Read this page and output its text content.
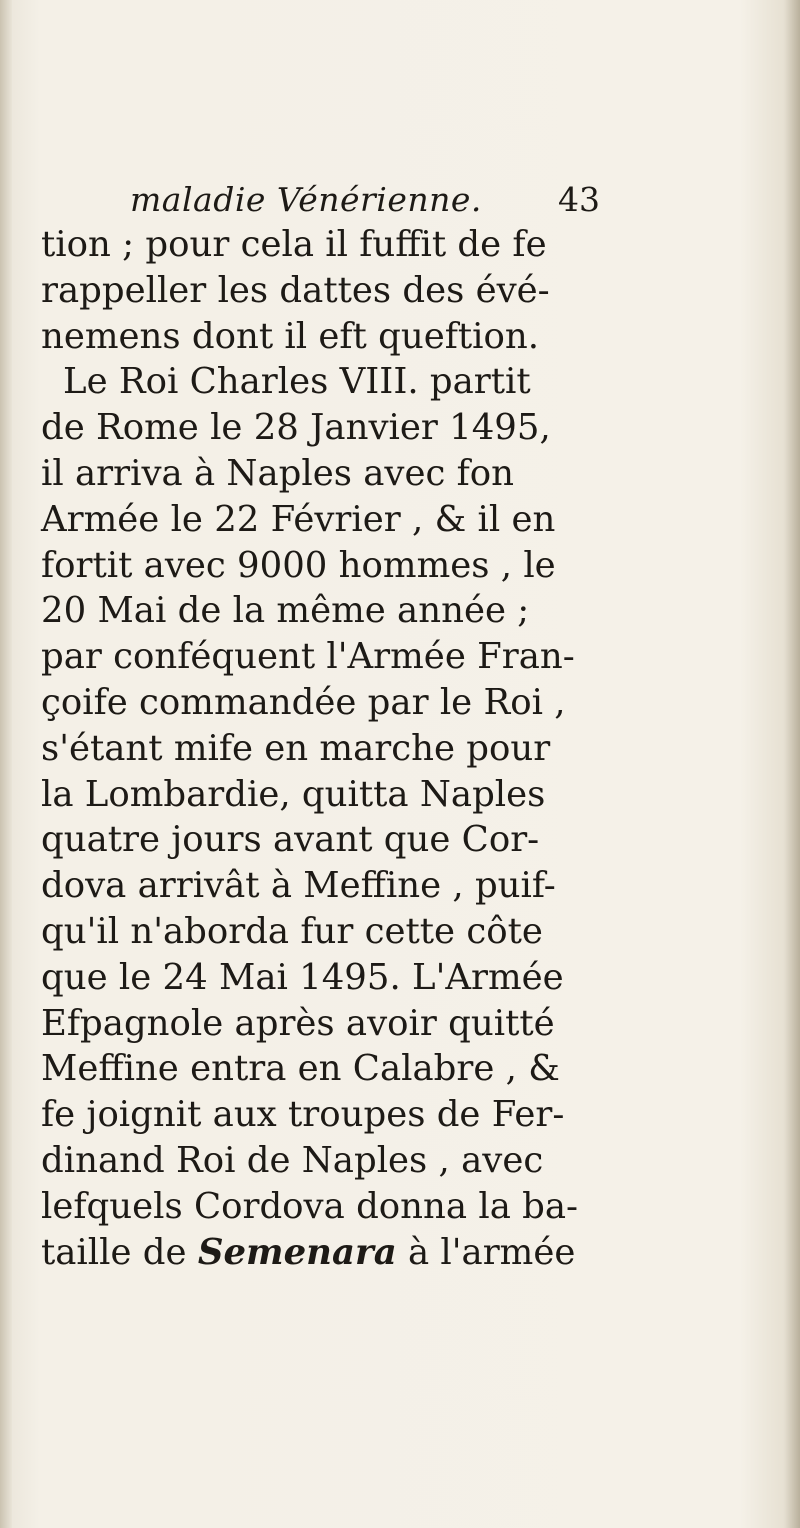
maladie Vénérienne. 43
tion ; pour cela il fuffit de fe
rappeller les dattes des évé-
nemens dont il eft queftion.
Le Roi Charles VIII. partit
de Rome le 28 Janvier 1495,
il arriva à Naples avec fon
Armée le 22 Février , & il en
fortit avec 9000 hommes , le
20 Mai de la même année ;
par conféquent l'Armée Fran-
çoife commandée par le Roi ,
s'étant mife en marche pour
la Lombardie, quitta Naples
quatre jours avant que Cor-
dova arrivât à Meffine , puif-
qu'il n'aborda fur cette côte
que le 24 Mai 1495. L'Armée
Efpagnole après avoir quitté
Meffine entra en Calabre , &
fe joignit aux troupes de Fer-
dinand Roi de Naples , avec
lefquels Cordova donna la ba-
taille de Semenara à l'armée
